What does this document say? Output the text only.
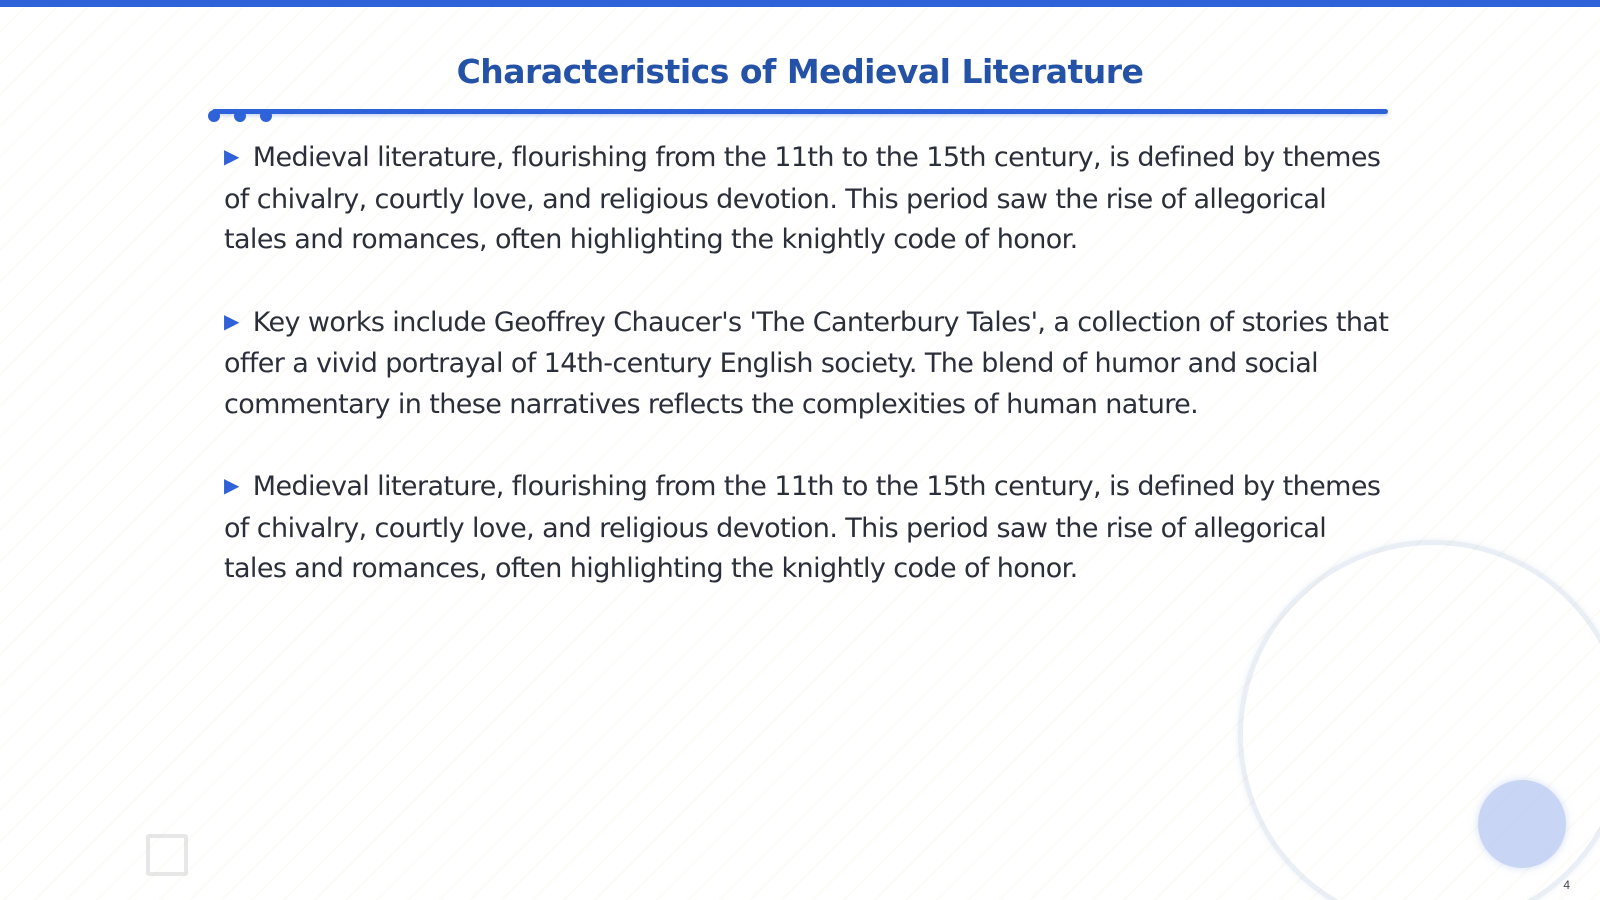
Characteristics of Medieval Literature

▶ Medieval literature, flourishing from the 11th to the 15th century, is defined by themes of chivalry, courtly love, and religious devotion. This period saw the rise of allegorical tales and romances, often highlighting the knightly code of honor.

▶ Key works include Geoffrey Chaucer's 'The Canterbury Tales', a collection of stories that offer a vivid portrayal of 14th-century English society. The blend of humor and social commentary in these narratives reflects the complexities of human nature.

▶ Medieval literature, flourishing from the 11th to the 15th century, is defined by themes of chivalry, courtly love, and religious devotion. This period saw the rise of allegorical tales and romances, often highlighting the knightly code of honor.

4
